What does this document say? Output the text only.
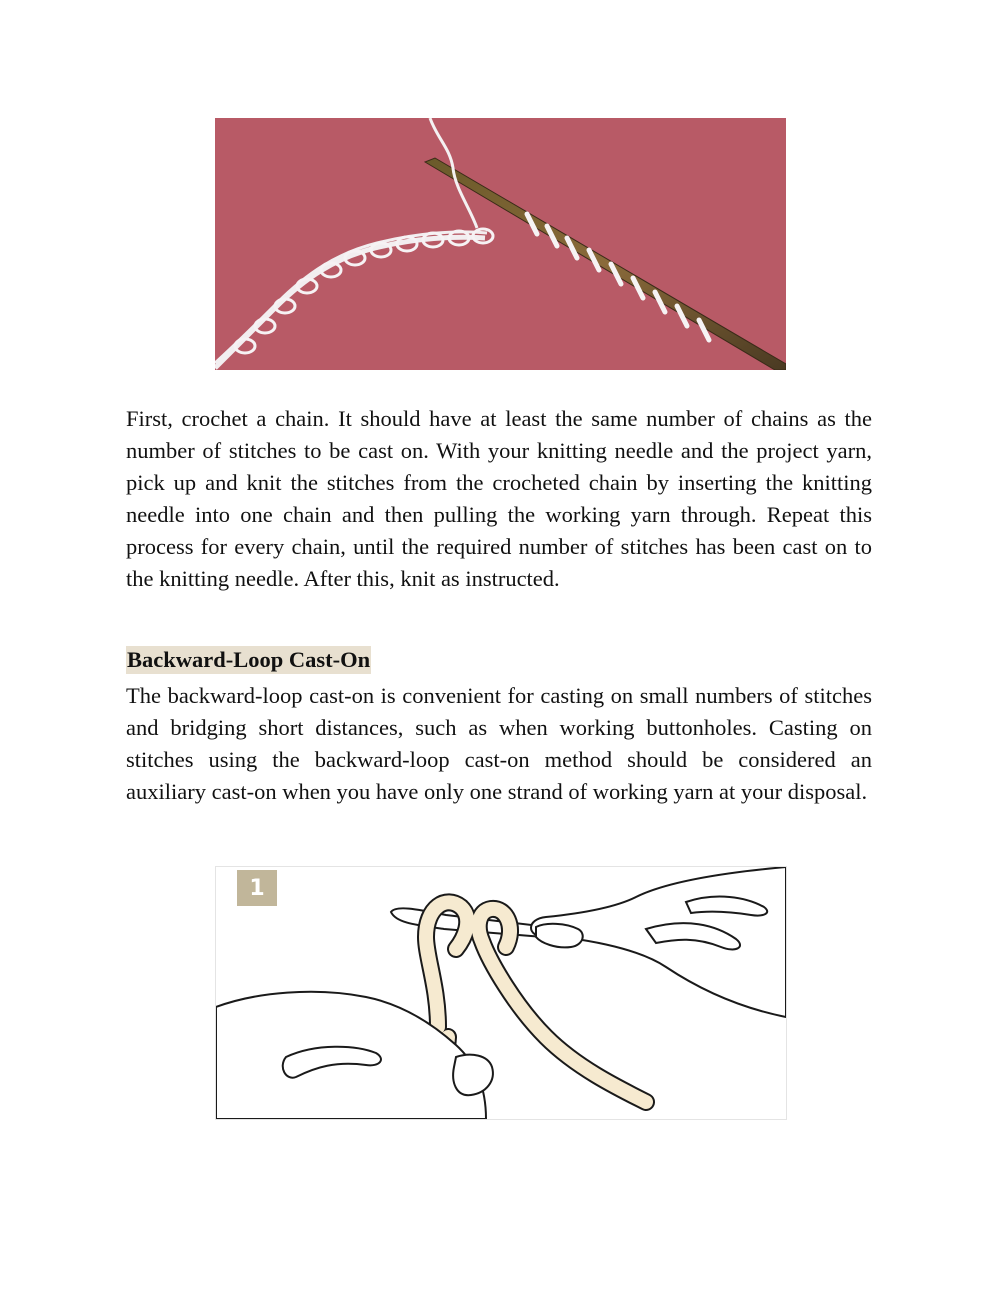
First, crochet a chain. It should have at least the same number of chains as the number of stitches to be cast on. With your knitting needle and the project yarn, pick up and knit the stitches from the crocheted chain by inserting the knitting needle into one chain and then pulling the working yarn through. Repeat this process for every chain, until the required number of stitches has been cast on to the knitting needle. After this, knit as instructed.

Backward-Loop Cast-On

The backward-loop cast-on is convenient for casting on small numbers of stitches and bridging short distances, such as when working buttonholes. Casting on stitches using the backward-loop cast-on method should be considered an auxiliary cast-on when you have only one strand of working yarn at your disposal.

1
